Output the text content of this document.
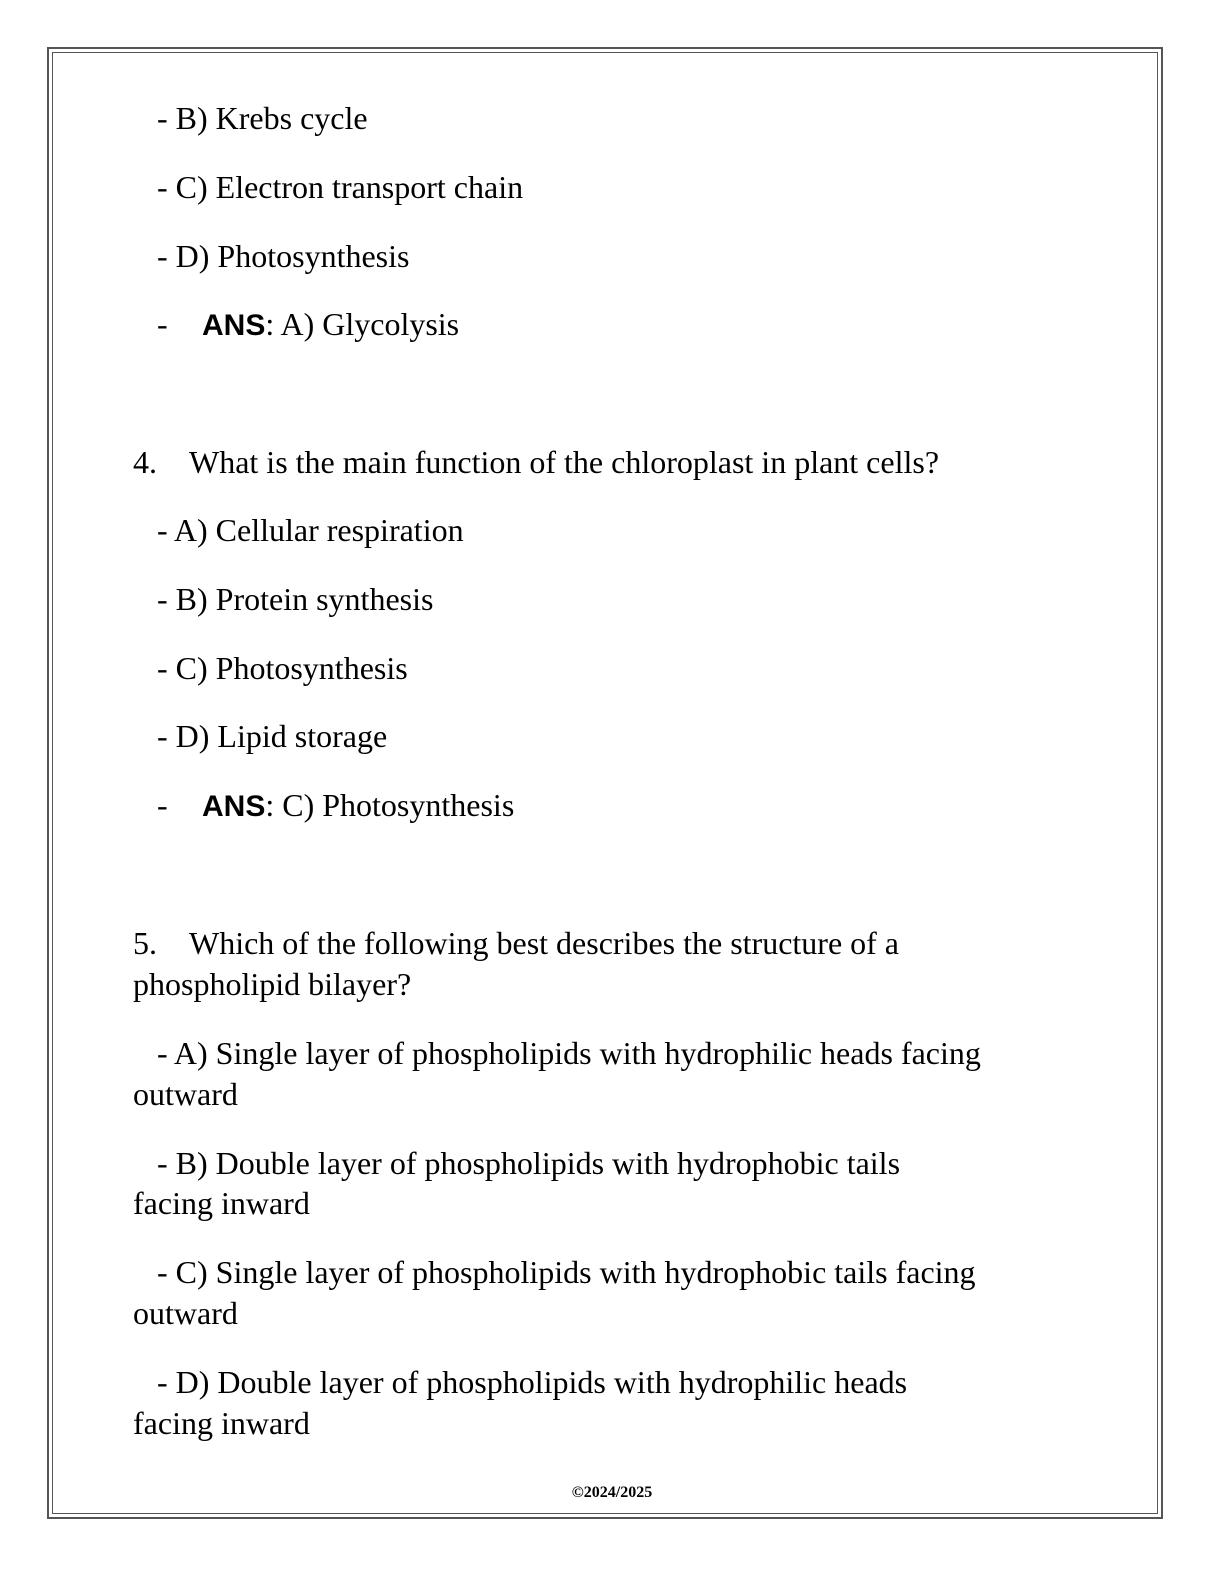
- B) Krebs cycle
- C) Electron transport chain
- D) Photosynthesis
- ANS: A) Glycolysis
4. What is the main function of the chloroplast in plant cells?
- A) Cellular respiration
- B) Protein synthesis
- C) Photosynthesis
- D) Lipid storage
- ANS: C) Photosynthesis
5. Which of the following best describes the structure of a
phospholipid bilayer?
- A) Single layer of phospholipids with hydrophilic heads facing
outward
- B) Double layer of phospholipids with hydrophobic tails
facing inward
- C) Single layer of phospholipids with hydrophobic tails facing
outward
- D) Double layer of phospholipids with hydrophilic heads
facing inward
©2024/2025
